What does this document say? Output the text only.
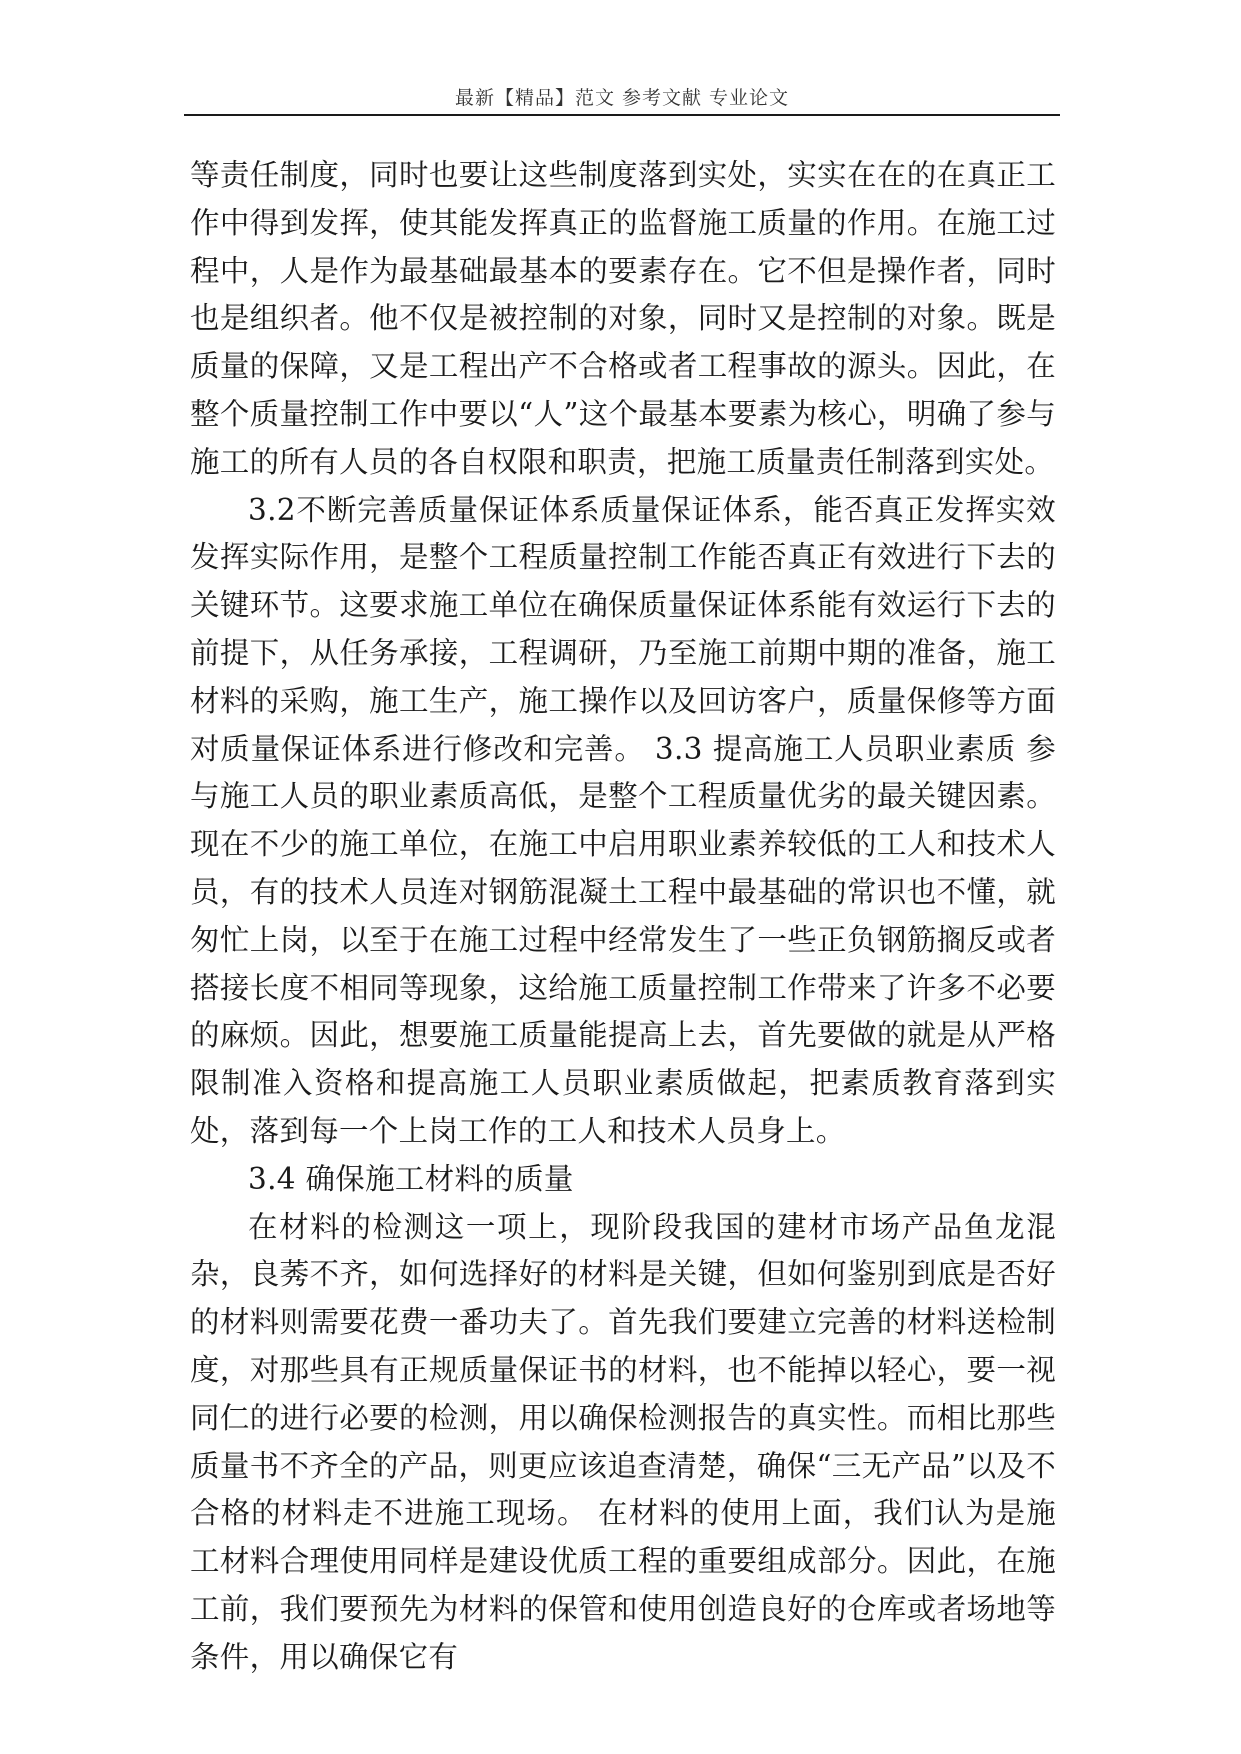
最新【精品】范文 参考文献 专业论文

等责任制度，同时也要让这些制度落到实处，实实在在的在真正工作中得到发挥，使其能发挥真正的监督施工质量的作用。在施工过程中，人是作为最基础最基本的要素存在。它不但是操作者，同时也是组织者。他不仅是被控制的对象，同时又是控制的对象。既是质量的保障，又是工程出产不合格或者工程事故的源头。因此，在整个质量控制工作中要以“人”这个最基本要素为核心，明确了参与施工的所有人员的各自权限和职责，把施工质量责任制落到实处。

3.2不断完善质量保证体系质量保证体系，能否真正发挥实效发挥实际作用，是整个工程质量控制工作能否真正有效进行下去的关键环节。这要求施工单位在确保质量保证体系能有效运行下去的前提下，从任务承接，工程调研，乃至施工前期中期的准备，施工材料的采购，施工生产，施工操作以及回访客户，质量保修等方面对质量保证体系进行修改和完善。 3.3 提高施工人员职业素质 参与施工人员的职业素质高低，是整个工程质量优劣的最关键因素。现在不少的施工单位，在施工中启用职业素养较低的工人和技术人员，有的技术人员连对钢筋混凝土工程中最基础的常识也不懂，就匆忙上岗，以至于在施工过程中经常发生了一些正负钢筋搁反或者搭接长度不相同等现象，这给施工质量控制工作带来了许多不必要的麻烦。因此，想要施工质量能提高上去，首先要做的就是从严格限制准入资格和提高施工人员职业素质做起，把素质教育落到实处，落到每一个上岗工作的工人和技术人员身上。

3.4 确保施工材料的质量

在材料的检测这一项上，现阶段我国的建材市场产品鱼龙混杂，良莠不齐，如何选择好的材料是关键，但如何鉴别到底是否好的材料则需要花费一番功夫了。首先我们要建立完善的材料送检制度，对那些具有正规质量保证书的材料，也不能掉以轻心，要一视同仁的进行必要的检测，用以确保检测报告的真实性。而相比那些质量书不齐全的产品，则更应该追查清楚，确保“三无产品”以及不合格的材料走不进施工现场。 在材料的使用上面，我们认为是施工材料合理使用同样是建设优质工程的重要组成部分。因此，在施工前，我们要预先为材料的保管和使用创造良好的仓库或者场地等条件，用以确保它有
